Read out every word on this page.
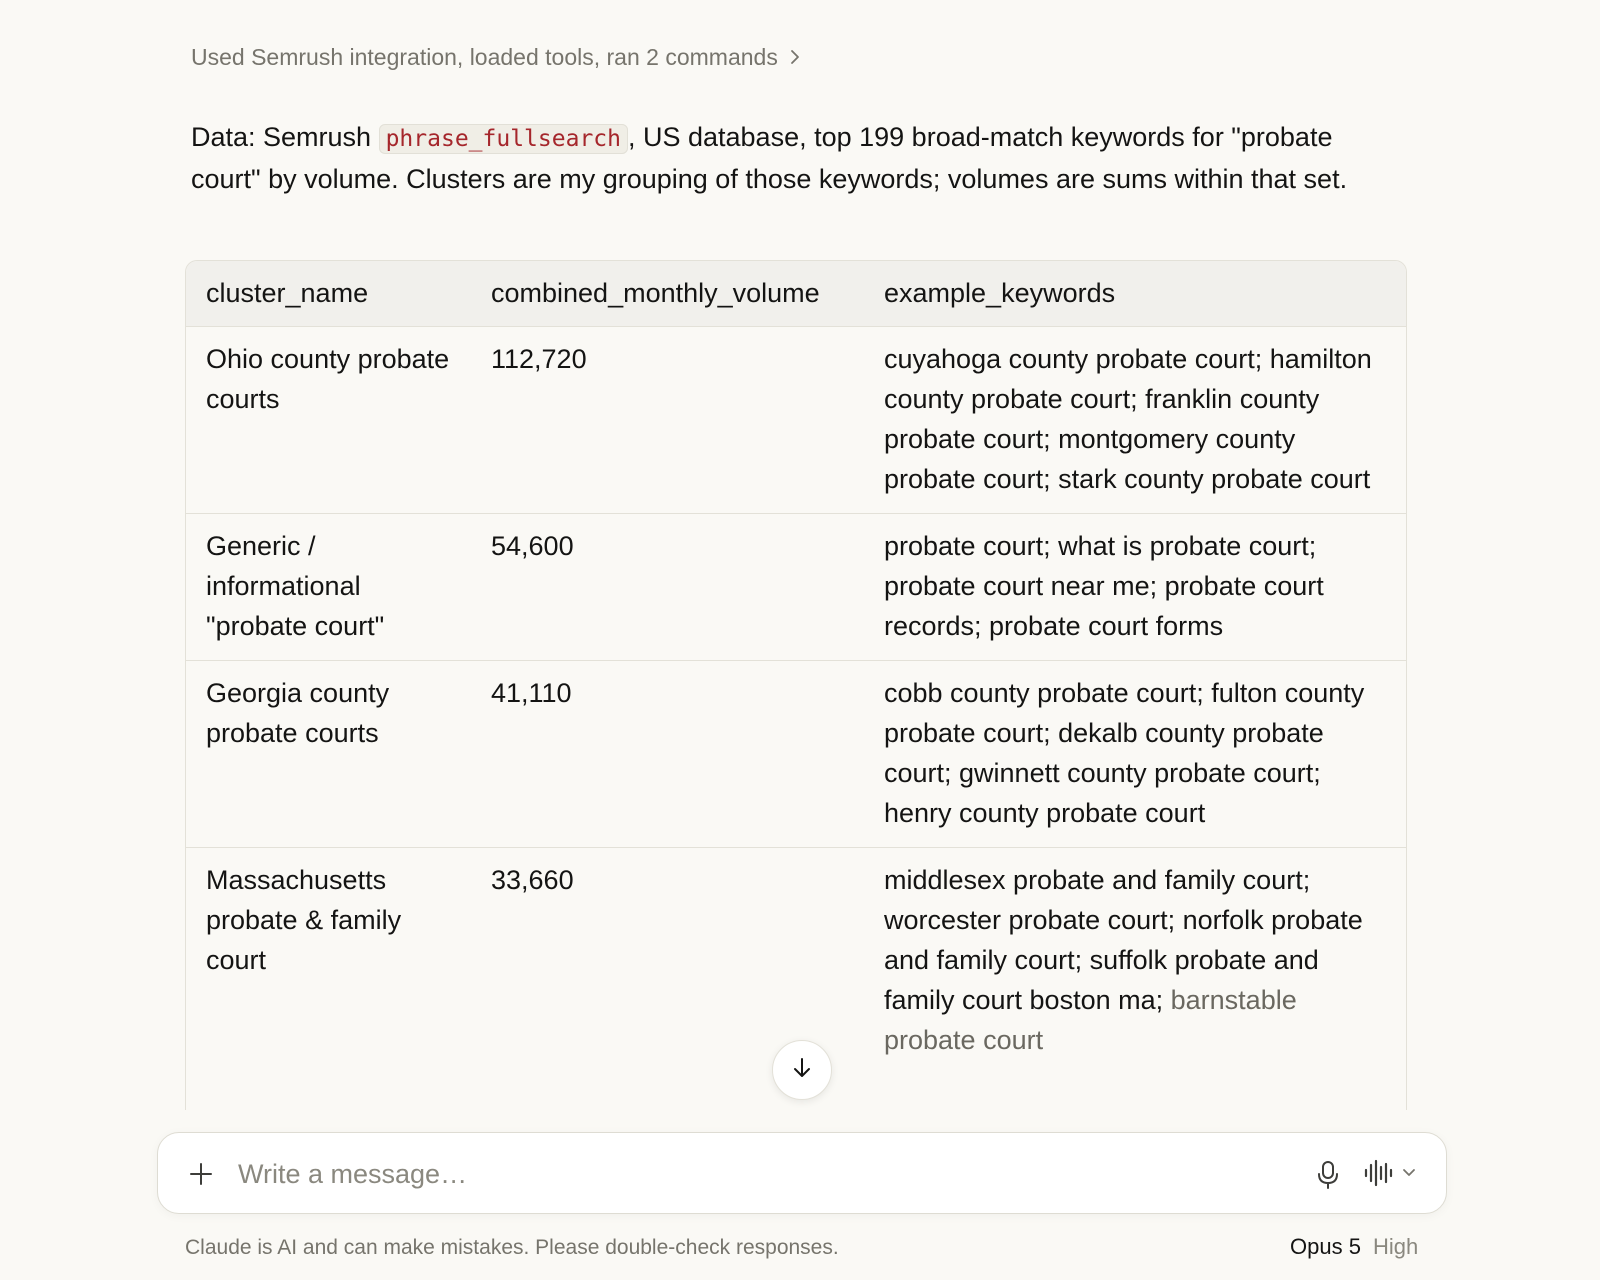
Used Semrush integration, loaded tools, ran 2 commands

Data: Semrush phrase_fullsearch , US database, top 199 broad-match keywords for "probate court" by volume. Clusters are my grouping of those keywords; volumes are sums within that set.

cluster_name	combined_monthly_volume	example_keywords
Ohio county probate courts	112,720	cuyahoga county probate court; hamilton county probate court; franklin county probate court; montgomery county probate court; stark county probate court
Generic / informational "probate court"	54,600	probate court; what is probate court; probate court near me; probate court records; probate court forms
Georgia county probate courts	41,110	cobb county probate court; fulton county probate court; dekalb county probate court; gwinnett county probate court; henry county probate court
Massachusetts probate & family court	33,660	middlesex probate and family court; worcester probate court; norfolk probate and family court; suffolk probate and family court boston ma; barnstable probate court
Write a message…
Claude is AI and can make mistakes. Please double-check responses.	Opus 5 High
